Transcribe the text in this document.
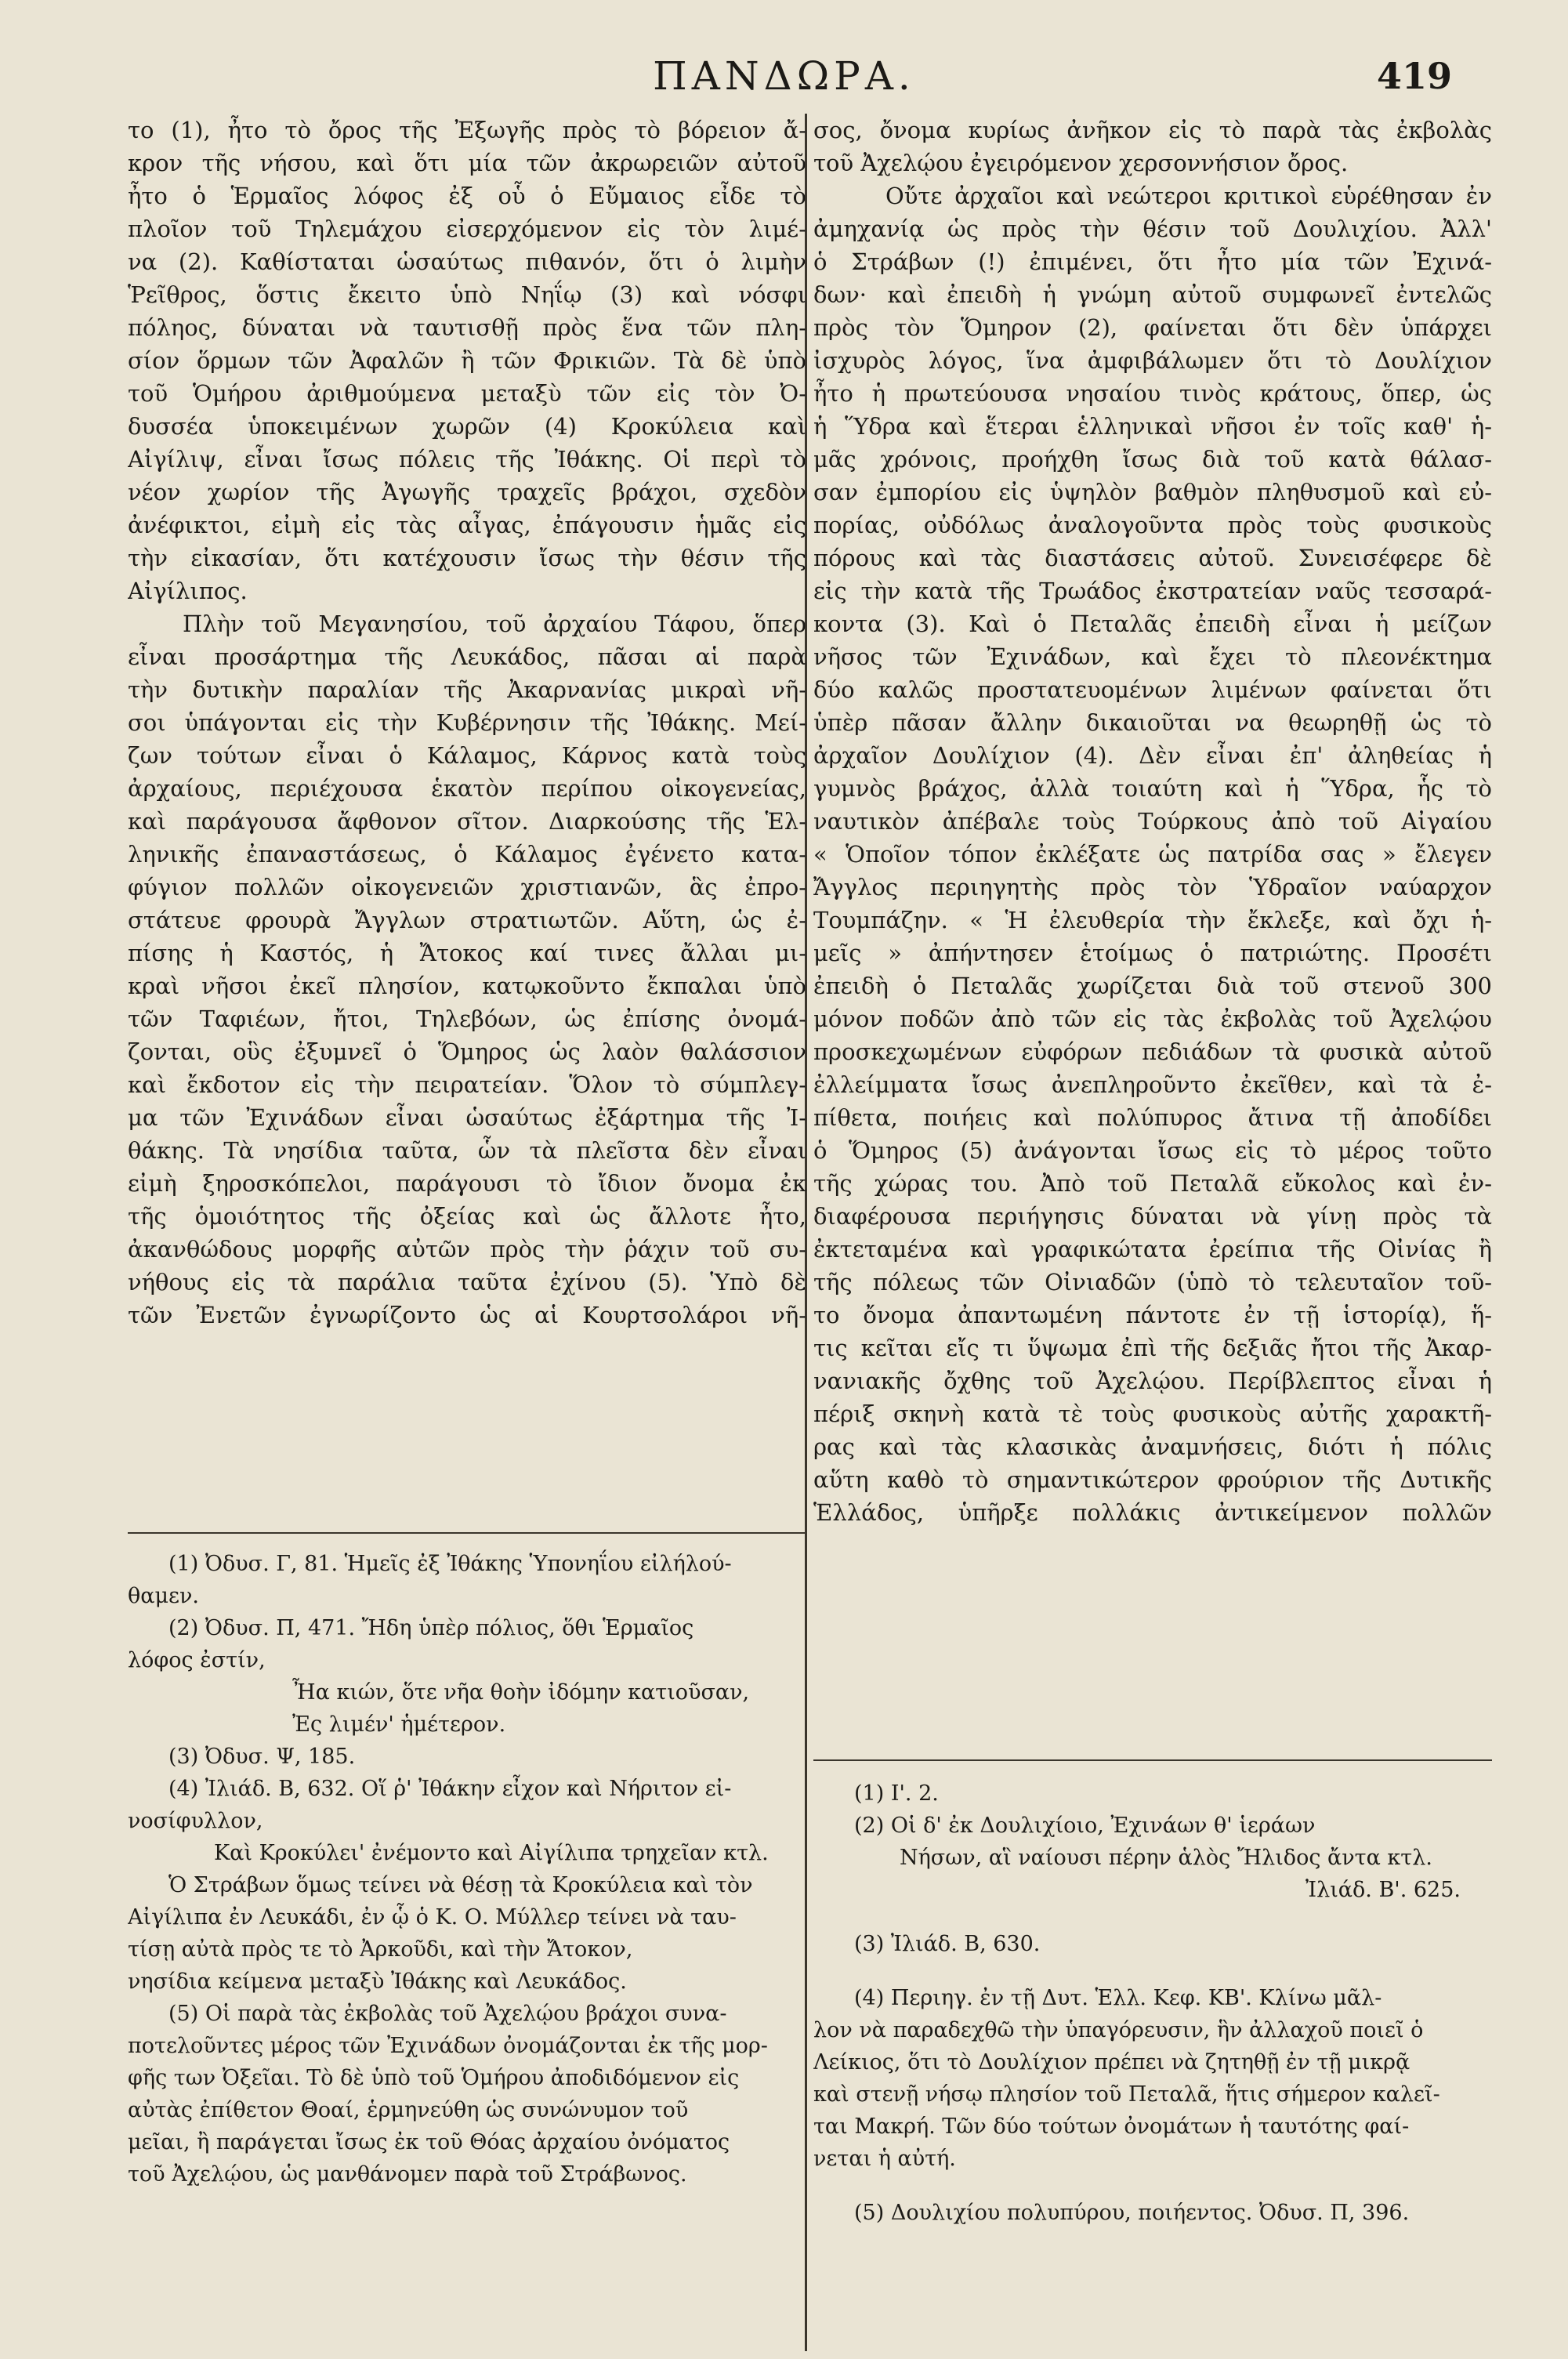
ΠΑΝΔΩΡΑ.	419
το (1), ἦτο τὸ ὄρος τῆς Ἐξωγῆς πρὸς τὸ βόρειον ἄ-
κρον τῆς νήσου, καὶ ὅτι μία τῶν ἀκρωρειῶν αὐτοῦ
ἦτο ὁ Ἑρμαῖος λόφος ἐξ οὗ ὁ Εὔμαιος εἶδε τὸ
πλοῖον τοῦ Τηλεμάχου εἰσερχόμενον εἰς τὸν λιμέ-
να (2). Καθίσταται ὡσαύτως πιθανόν, ὅτι ὁ λιμὴν
Ῥεῖθρος, ὅστις ἔκειτο ὑπὸ Νηΐῳ (3) καὶ νόσφι
πόληος, δύναται νὰ ταυτισθῇ πρὸς ἕνα τῶν πλη-
σίον ὅρμων τῶν Ἀφαλῶν ἢ τῶν Φρικιῶν. Τὰ δὲ ὑπὸ
τοῦ Ὁμήρου ἀριθμούμενα μεταξὺ τῶν εἰς τὸν Ὀ-
δυσσέα ὑποκειμένων χωρῶν (4) Κροκύλεια καὶ
Αἰγίλιψ, εἶναι ἴσως πόλεις τῆς Ἰθάκης. Οἱ περὶ τὸ
νέον χωρίον τῆς Ἀγωγῆς τραχεῖς βράχοι, σχεδὸν
ἀνέφικτοι, εἰμὴ εἰς τὰς αἶγας, ἐπάγουσιν ἡμᾶς εἰς
τὴν εἰκασίαν, ὅτι κατέχουσιν ἴσως τὴν θέσιν τῆς
Αἰγίλιπος.
Πλὴν τοῦ Μεγανησίου, τοῦ ἀρχαίου Τάφου, ὅπερ
εἶναι προσάρτημα τῆς Λευκάδος, πᾶσαι αἱ παρὰ
τὴν δυτικὴν παραλίαν τῆς Ἀκαρνανίας μικραὶ νῆ-
σοι ὑπάγονται εἰς τὴν Κυβέρνησιν τῆς Ἰθάκης. Μεί-
ζων τούτων εἶναι ὁ Κάλαμος, Κάρνος κατὰ τοὺς
ἀρχαίους, περιέχουσα ἑκατὸν περίπου οἰκογενείας,
καὶ παράγουσα ἄφθονον σῖτον. Διαρκούσης τῆς Ἑλ-
ληνικῆς ἐπαναστάσεως, ὁ Κάλαμος ἐγένετο κατα-
φύγιον πολλῶν οἰκογενειῶν χριστιανῶν, ἃς ἐπρο-
στάτευε φρουρὰ Ἄγγλων στρατιωτῶν. Αὕτη, ὡς ἐ-
πίσης ἡ Καστός, ἡ Ἄτοκος καί τινες ἄλλαι μι-
κραὶ νῆσοι ἐκεῖ πλησίον, κατῳκοῦντο ἔκπαλαι ὑπὸ
τῶν Ταφιέων, ἤτοι, Τηλεβόων, ὡς ἐπίσης ὀνομά-
ζονται, οὓς ἐξυμνεῖ ὁ Ὅμηρος ὡς λαὸν θαλάσσιον
καὶ ἔκδοτον εἰς τὴν πειρατείαν. Ὅλον τὸ σύμπλεγ-
μα τῶν Ἐχινάδων εἶναι ὡσαύτως ἐξάρτημα τῆς Ἰ-
θάκης. Τὰ νησίδια ταῦτα, ὧν τὰ πλεῖστα δὲν εἶναι
εἰμὴ ξηροσκόπελοι, παράγουσι τὸ ἴδιον ὄνομα ἐκ
τῆς ὁμοιότητος τῆς ὀξείας καὶ ὡς ἄλλοτε ἦτο,
ἀκανθώδους μορφῆς αὐτῶν πρὸς τὴν ῥάχιν τοῦ συ-
νήθους εἰς τὰ παράλια ταῦτα ἐχίνου (5). Ὑπὸ δὲ
τῶν Ἐνετῶν ἐγνωρίζοντο ὡς αἱ Κουρτσολάροι νῆ-
σος, ὄνομα κυρίως ἀνῆκον εἰς τὸ παρὰ τὰς ἐκβολὰς
τοῦ Ἀχελῴου ἐγειρόμενον χερσοννήσιον ὄρος.
Οὔτε ἀρχαῖοι καὶ νεώτεροι κριτικοὶ εὑρέθησαν ἐν
ἀμηχανίᾳ ὡς πρὸς τὴν θέσιν τοῦ Δουλιχίου. Ἀλλ'
ὁ Στράβων (!) ἐπιμένει, ὅτι ἦτο μία τῶν Ἐχινά-
δων· καὶ ἐπειδὴ ἡ γνώμη αὐτοῦ συμφωνεῖ ἐντελῶς
πρὸς τὸν Ὅμηρον (2), φαίνεται ὅτι δὲν ὑπάρχει
ἰσχυρὸς λόγος, ἵνα ἀμφιβάλωμεν ὅτι τὸ Δουλίχιον
ἦτο ἡ πρωτεύουσα νησαίου τινὸς κράτους, ὅπερ, ὡς
ἡ Ὕδρα καὶ ἕτεραι ἑλληνικαὶ νῆσοι ἐν τοῖς καθ' ἡ-
μᾶς χρόνοις, προήχθη ἴσως διὰ τοῦ κατὰ θάλασ-
σαν ἐμπορίου εἰς ὑψηλὸν βαθμὸν πληθυσμοῦ καὶ εὐ-
πορίας, οὐδόλως ἀναλογοῦντα πρὸς τοὺς φυσικοὺς
πόρους καὶ τὰς διαστάσεις αὐτοῦ. Συνεισέφερε δὲ
εἰς τὴν κατὰ τῆς Τρωάδος ἐκστρατείαν ναῦς τεσσαρά-
κοντα (3). Καὶ ὁ Πεταλᾶς ἐπειδὴ εἶναι ἡ μείζων
νῆσος τῶν Ἐχινάδων, καὶ ἔχει τὸ πλεονέκτημα
δύο καλῶς προστατευομένων λιμένων φαίνεται ὅτι
ὑπὲρ πᾶσαν ἄλλην δικαιοῦται να θεωρηθῇ ὡς τὸ
ἀρχαῖον Δουλίχιον (4). Δὲν εἶναι ἐπ' ἀληθείας ἡ
γυμνὸς βράχος, ἀλλὰ τοιαύτη καὶ ἡ Ὕδρα, ἧς τὸ
ναυτικὸν ἀπέβαλε τοὺς Τούρκους ἀπὸ τοῦ Αἰγαίου
« Ὁποῖον τόπον ἐκλέξατε ὡς πατρίδα σας » ἔλεγεν
Ἄγγλος περιηγητὴς πρὸς τὸν Ὑδραῖον ναύαρχον
Τουμπάζην. « Ἡ ἐλευθερία τὴν ἔκλεξε, καὶ ὄχι ἡ-
μεῖς » ἀπήντησεν ἑτοίμως ὁ πατριώτης. Προσέτι
ἐπειδὴ ὁ Πεταλᾶς χωρίζεται διὰ τοῦ στενοῦ 300
μόνον ποδῶν ἀπὸ τῶν εἰς τὰς ἐκβολὰς τοῦ Ἀχελῴου
προσκεχωμένων εὐφόρων πεδιάδων τὰ φυσικὰ αὐτοῦ
ἐλλείμματα ἴσως ἀνεπληροῦντο ἐκεῖθεν, καὶ τὰ ἐ-
πίθετα, ποιήεις καὶ πολύπυρος ἄτινα τῇ ἀποδίδει
ὁ Ὅμηρος (5) ἀνάγονται ἴσως εἰς τὸ μέρος τοῦτο
τῆς χώρας του. Ἀπὸ τοῦ Πεταλᾶ εὔκολος καὶ ἐν-
διαφέρουσα περιήγησις δύναται νὰ γίνῃ πρὸς τὰ
ἐκτεταμένα καὶ γραφικώτατα ἐρείπια τῆς Οἰνίας ἢ
τῆς πόλεως τῶν Οἰνιαδῶν (ὑπὸ τὸ τελευταῖον τοῦ-
το ὄνομα ἀπαντωμένη πάντοτε ἐν τῇ ἱστορίᾳ), ἥ-
τις κεῖται εἴς τι ὕψωμα ἐπὶ τῆς δεξιᾶς ἤτοι τῆς Ἀκαρ-
νανιακῆς ὄχθης τοῦ Ἀχελῴου. Περίβλεπτος εἶναι ἡ
πέριξ σκηνὴ κατὰ τὲ τοὺς φυσικοὺς αὐτῆς χαρακτῆ-
ρας καὶ τὰς κλασικὰς ἀναμνήσεις, διότι ἡ πόλις
αὕτη καθὸ τὸ σημαντικώτερον φρούριον τῆς Δυτικῆς
Ἑλλάδος, ὑπῆρξε πολλάκις ἀντικείμενον πολλῶν
(1) Ὀδυσ. Γ, 81. Ἡμεῖς ἐξ Ἰθάκης Ὑπονηΐου εἰλήλού-
θαμεν.
(2) Ὀδυσ. Π, 471. Ἤδη ὑπὲρ πόλιος, ὅθι Ἑρμαῖος
λόφος ἐστίν,
Ἦα κιών, ὅτε νῆα θοὴν ἰδόμην κατιοῦσαν,
Ἐς λιμέν' ἡμέτερον.
(3) Ὀδυσ. Ψ, 185.
(4) Ἰλιάδ. Β, 632. Οἵ ῥ' Ἰθάκην εἶχον καὶ Νήριτον εἰ-
νοσίφυλλον,
Καὶ Κροκύλει' ἐνέμοντο καὶ Αἰγίλιπα τρηχεῖαν κτλ.
Ὁ Στράβων ὅμως τείνει νὰ θέσῃ τὰ Κροκύλεια καὶ τὸν
Αἰγίλιπα ἐν Λευκάδι, ἐν ᾧ ὁ Κ. Ο. Μύλλερ τείνει νὰ ταυ-
τίσῃ αὐτὰ πρὸς τε τὸ Ἀρκοῦδι, καὶ τὴν Ἄτοκον,
νησίδια κείμενα μεταξὺ Ἰθάκης καὶ Λευκάδος.
(5) Οἱ παρὰ τὰς ἐκβολὰς τοῦ Ἀχελῴου βράχοι συνα-
ποτελοῦντες μέρος τῶν Ἐχινάδων ὀνομάζονται ἐκ τῆς μορ-
φῆς των Ὀξεῖαι. Τὸ δὲ ὑπὸ τοῦ Ὁμήρου ἀποδιδόμενον εἰς
αὐτὰς ἐπίθετον Θοαί, ἑρμηνεύθη ὡς συνώνυμον τοῦ
μεῖαι, ἢ παράγεται ἴσως ἐκ τοῦ Θόας ἀρχαίου ὀνόματος
τοῦ Ἀχελῴου, ὡς μανθάνομεν παρὰ τοῦ Στράβωνος.
(1) Ι'. 2.
(2) Οἱ δ' ἐκ Δουλιχίοιο, Ἐχινάων θ' ἱεράων
Νήσων, αἳ ναίουσι πέρην ἁλὸς Ἤλιδος ἄντα κτλ.
Ἰλιάδ. Β'. 625.
(3) Ἰλιάδ. Β, 630.
(4) Περιηγ. ἐν τῇ Δυτ. Ἑλλ. Κεφ. ΚΒ'. Κλίνω μᾶλ-
λον νὰ παραδεχθῶ τὴν ὑπαγόρευσιν, ἣν ἀλλαχοῦ ποιεῖ ὁ
Λείκιος, ὅτι τὸ Δουλίχιον πρέπει νὰ ζητηθῇ ἐν τῇ μικρᾷ
καὶ στενῇ νήσῳ πλησίον τοῦ Πεταλᾶ, ἥτις σήμερον καλεῖ-
ται Μακρή. Τῶν δύο τούτων ὀνομάτων ἡ ταυτότης φαί-
νεται ἡ αὐτή.
(5) Δουλιχίου πολυπύρου, ποιήεντος. Ὀδυσ. Π, 396.
